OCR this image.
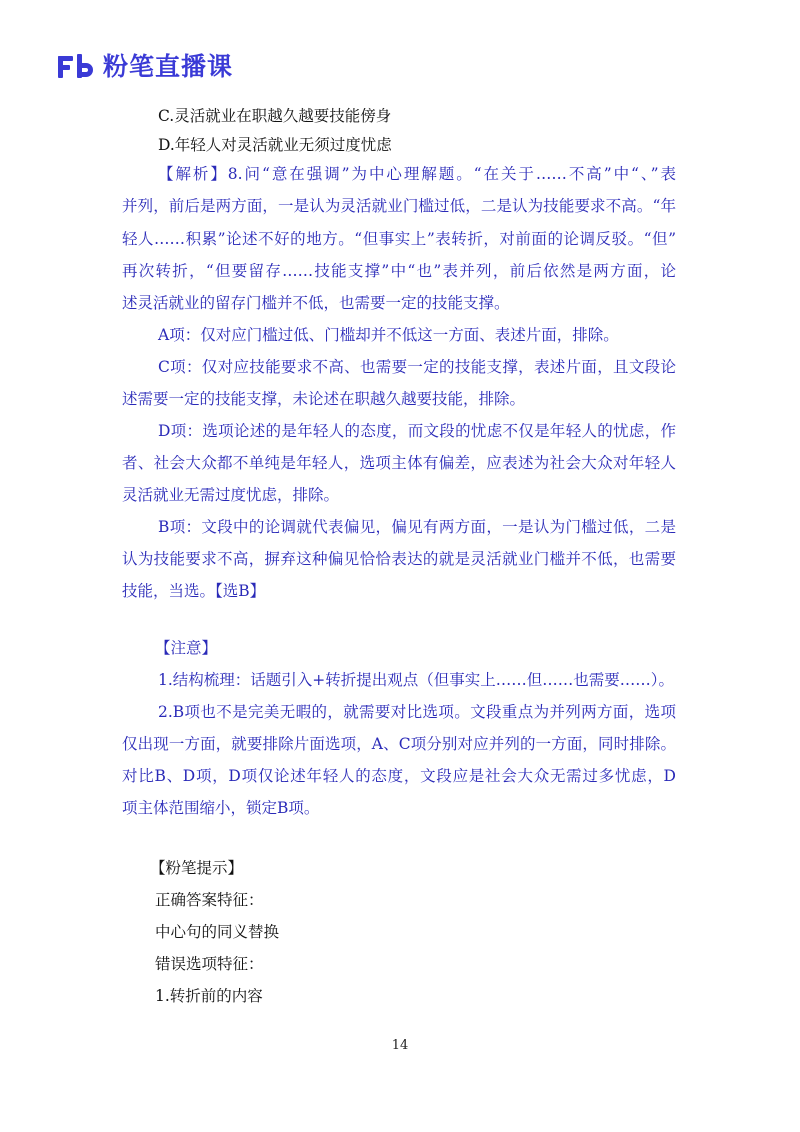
粉笔直播课
C.灵活就业在职越久越要技能傍身
D.年轻人对灵活就业无须过度忧虑
【解析】8.问“意在强调”为中心理解题。“在关于……不高”中“、”表
并列，前后是两方面，一是认为灵活就业门槛过低，二是认为技能要求不高。“年
轻人……积累”论述不好的地方。“但事实上”表转折，对前面的论调反驳。“但”
再次转折，“但要留存……技能支撑”中“也”表并列，前后依然是两方面，论
述灵活就业的留存门槛并不低，也需要一定的技能支撑。
A项：仅对应门槛过低、门槛却并不低这一方面、表述片面，排除。
C项：仅对应技能要求不高、也需要一定的技能支撑，表述片面，且文段论
述需要一定的技能支撑，未论述在职越久越要技能，排除。
D项：选项论述的是年轻人的态度，而文段的忧虑不仅是年轻人的忧虑，作
者、社会大众都不单纯是年轻人，选项主体有偏差，应表述为社会大众对年轻人
灵活就业无需过度忧虑，排除。
B项：文段中的论调就代表偏见，偏见有两方面，一是认为门槛过低，二是
认为技能要求不高，摒弃这种偏见恰恰表达的就是灵活就业门槛并不低，也需要
技能，当选。【选B】
【注意】
1.结构梳理：话题引入+转折提出观点（但事实上……但……也需要……）。
2.B项也不是完美无暇的，就需要对比选项。文段重点为并列两方面，选项
仅出现一方面，就要排除片面选项，A、C项分别对应并列的一方面，同时排除。
对比B、D项，D项仅论述年轻人的态度，文段应是社会大众无需过多忧虑，D
项主体范围缩小，锁定B项。
【粉笔提示】
正确答案特征：
中心句的同义替换
错误选项特征：
1.转折前的内容
14
